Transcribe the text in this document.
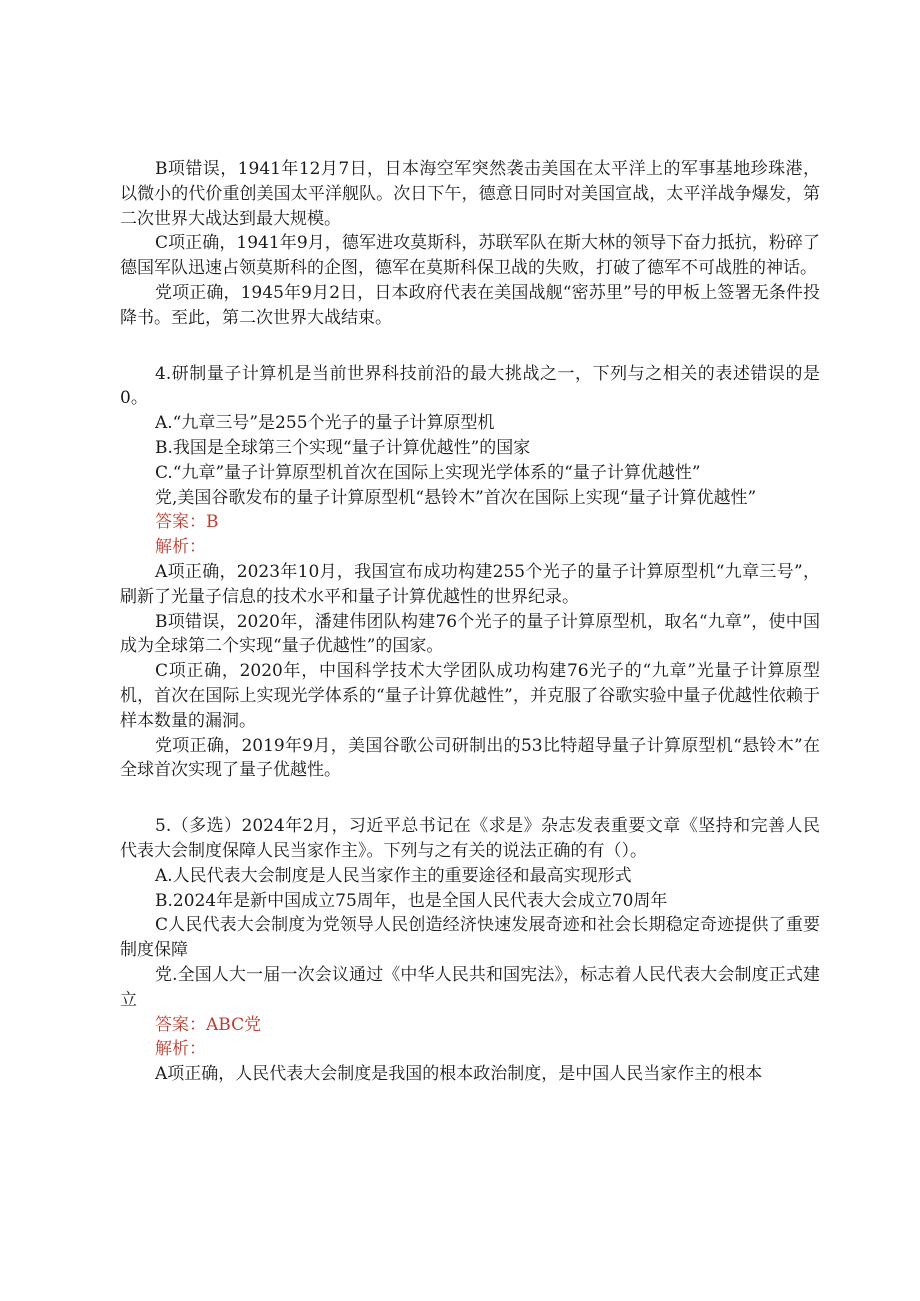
B项错误，1941年12月7日，日本海空军突然袭击美国在太平洋上的军事基地珍珠港，以微小的代价重创美国太平洋舰队。次日下午，德意日同时对美国宣战，太平洋战争爆发，第二次世界大战达到最大规模。

C项正确，1941年9月，德军进攻莫斯科，苏联军队在斯大林的领导下奋力抵抗，粉碎了德国军队迅速占领莫斯科的企图，德军在莫斯科保卫战的失败，打破了德军不可战胜的神话。

党项正确，1945年9月2日，日本政府代表在美国战舰“密苏里”号的甲板上签署无条件投降书。至此，第二次世界大战结束。

4.研制量子计算机是当前世界科技前沿的最大挑战之一，下列与之相关的表述错误的是0。

A.“九章三号”是255个光子的量子计算原型机

B.我国是全球第三个实现“量子计算优越性”的国家

C.“九章”量子计算原型机首次在国际上实现光学体系的“量子计算优越性”

党,美国谷歌发布的量子计算原型机“悬铃木”首次在国际上实现“量子计算优越性”

答案：B

解析：

A项正确，2023年10月，我国宣布成功构建255个光子的量子计算原型机“九章三号”，刷新了光量子信息的技术水平和量子计算优越性的世界纪录。

B项错误，2020年，潘建伟团队构建76个光子的量子计算原型机，取名“九章”，使中国成为全球第二个实现“量子优越性”的国家。

C项正确，2020年，中国科学技术大学团队成功构建76光子的“九章”光量子计算原型机，首次在国际上实现光学体系的“量子计算优越性”，并克服了谷歌实验中量子优越性依赖于样本数量的漏洞。

党项正确，2019年9月，美国谷歌公司研制出的53比特超导量子计算原型机“悬铃木”在全球首次实现了量子优越性。

5.（多选）2024年2月，习近平总书记在《求是》杂志发表重要文章《坚持和完善人民代表大会制度保障人民当家作主》。下列与之有关的说法正确的有（）。

A.人民代表大会制度是人民当家作主的重要途径和最高实现形式

B.2024年是新中国成立75周年，也是全国人民代表大会成立70周年

C人民代表大会制度为党领导人民创造经济快速发展奇迹和社会长期稳定奇迹提供了重要制度保障

党.全国人大一届一次会议通过《中华人民共和国宪法》，标志着人民代表大会制度正式建立

答案：ABC党

解析：

A项正确，人民代表大会制度是我国的根本政治制度，是中国人民当家作主的根本
